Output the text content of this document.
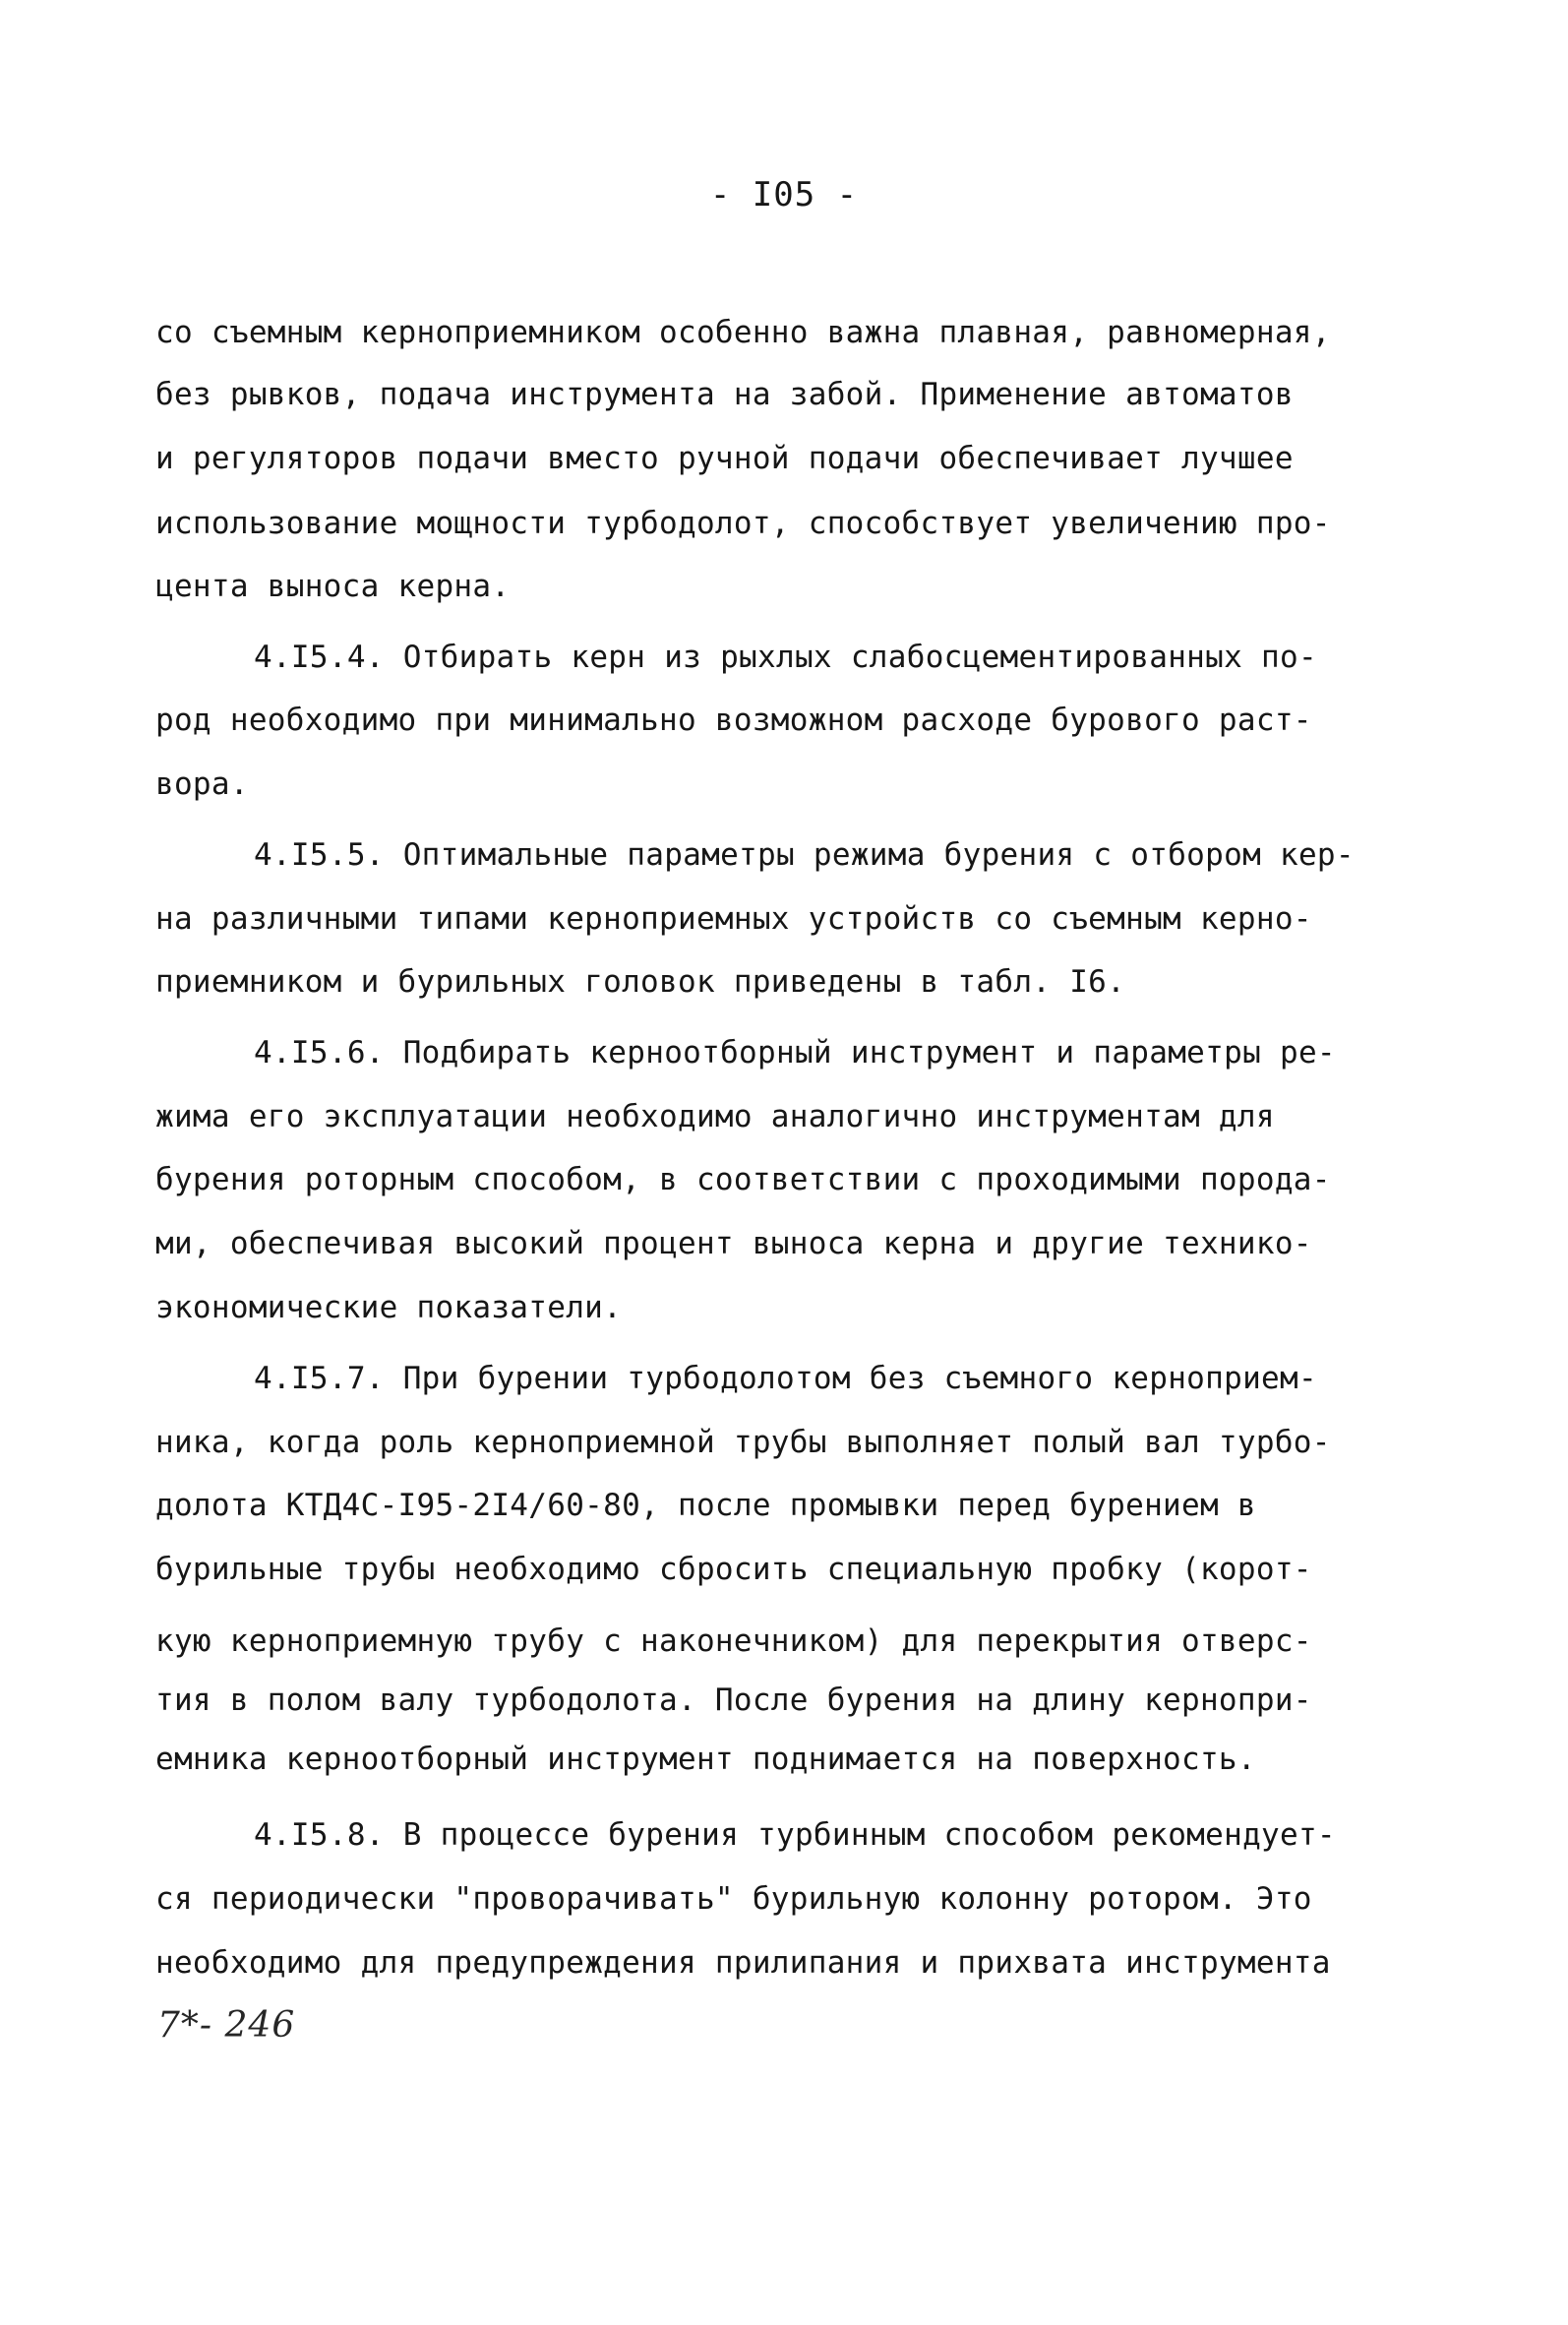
- I05 -
со съемным керноприемником особенно важна плавная, равномерная,
без рывков, подача инструмента на забой. Применение автоматов
и регуляторов подачи вместо ручной подачи обеспечивает лучшее
использование мощности турбодолот, способствует увеличению про-
цента выноса керна.
4.I5.4. Отбирать керн из рыхлых слабосцементированных по-
род необходимо при минимально возможном расходе бурового раст-
вора.
4.I5.5. Оптимальные параметры режима бурения с отбором кер-
на различными типами керноприемных устройств со съемным керно-
приемником и бурильных головок приведены в табл. I6.
4.I5.6. Подбирать керноотборный инструмент и параметры ре-
жима его эксплуатации необходимо аналогично инструментам для
бурения роторным способом, в соответствии с проходимыми порода-
ми, обеспечивая высокий процент выноса керна и другие технико-
экономические показатели.
4.I5.7. При бурении турбодолотом без съемного керноприем-
ника, когда роль керноприемной трубы выполняет полый вал турбо-
долота КТД4С-I95-2I4/60-80, после промывки перед бурением в
бурильные трубы необходимо сбросить специальную пробку (корот-
кую керноприемную трубу с наконечником) для перекрытия отверс-
тия в полом валу турбодолота. После бурения на длину кернопри-
емника керноотборный инструмент поднимается на поверхность.
4.I5.8. В процессе бурения турбинным способом рекомендует-
ся периодически "проворачивать" бурильную колонну ротором. Это
необходимо для предупреждения прилипания и прихвата инструмента
7*- 246
